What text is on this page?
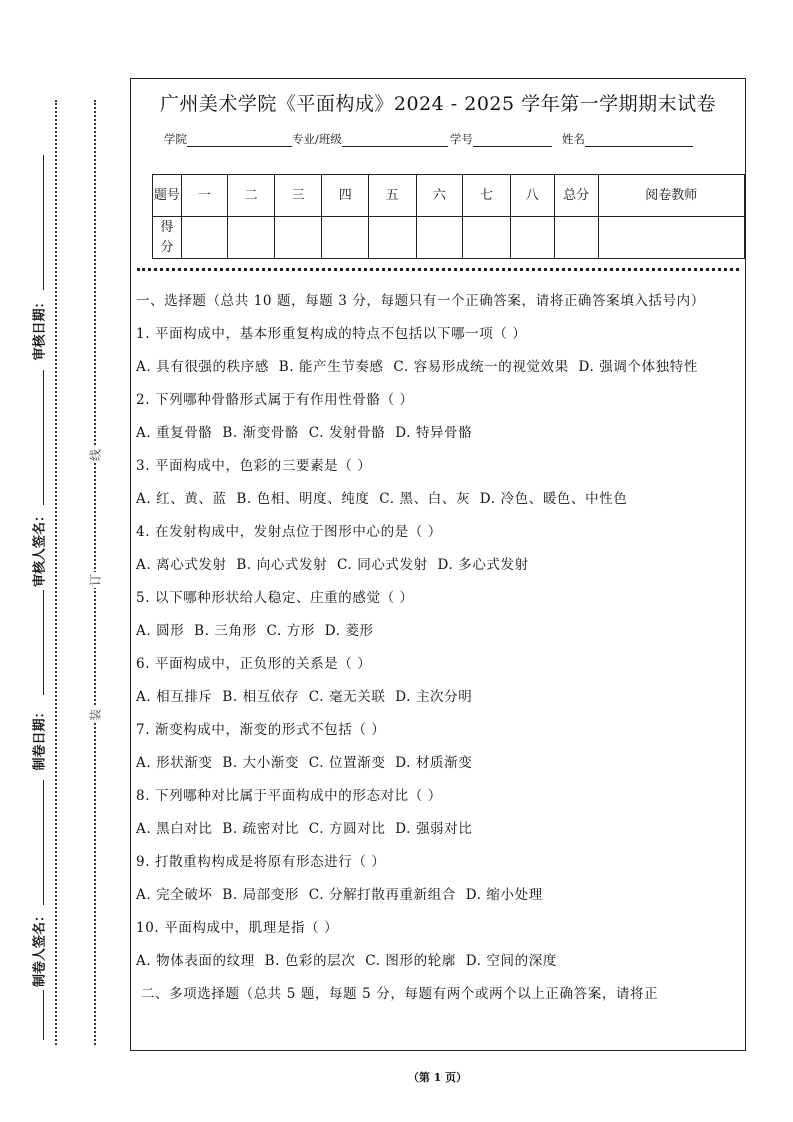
审核日期：
审核人签名：
制卷日期：
制卷人签名：
线
订
装
广州美术学院《平面构成》2024 - 2025 学年第一学期期末试卷
学院	专业/班级	学号	姓名
题号	一	二	三	四	五	六	七	八	总分	阅卷教师
得分										

一、选择题（总共 10 题，每题 3 分，每题只有一个正确答案，请将正确答案填入括号内）

1. 平面构成中，基本形重复构成的特点不包括以下哪一项（ ）

A. 具有很强的秩序感  B. 能产生节奏感  C. 容易形成统一的视觉效果  D. 强调个体独特性

2. 下列哪种骨骼形式属于有作用性骨骼（ ）

A. 重复骨骼  B. 渐变骨骼  C. 发射骨骼  D. 特异骨骼

3. 平面构成中，色彩的三要素是（ ）

A. 红、黄、蓝  B. 色相、明度、纯度  C. 黑、白、灰  D. 冷色、暖色、中性色

4. 在发射构成中，发射点位于图形中心的是（ ）

A. 离心式发射  B. 向心式发射  C. 同心式发射  D. 多心式发射

5. 以下哪种形状给人稳定、庄重的感觉（ ）

A. 圆形  B. 三角形  C. 方形  D. 菱形

6. 平面构成中，正负形的关系是（ ）

A. 相互排斥  B. 相互依存  C. 毫无关联  D. 主次分明

7. 渐变构成中，渐变的形式不包括（ ）

A. 形状渐变  B. 大小渐变  C. 位置渐变  D. 材质渐变

8. 下列哪种对比属于平面构成中的形态对比（ ）

A. 黑白对比  B. 疏密对比  C. 方圆对比  D. 强弱对比

9. 打散重构构成是将原有形态进行（ ）

A. 完全破坏  B. 局部变形  C. 分解打散再重新组合  D. 缩小处理

10. 平面构成中，肌理是指（ ）

A. 物体表面的纹理  B. 色彩的层次  C. 图形的轮廓  D. 空间的深度

二、多项选择题（总共 5 题，每题 5 分，每题有两个或两个以上正确答案，请将正

（第 1 页）
